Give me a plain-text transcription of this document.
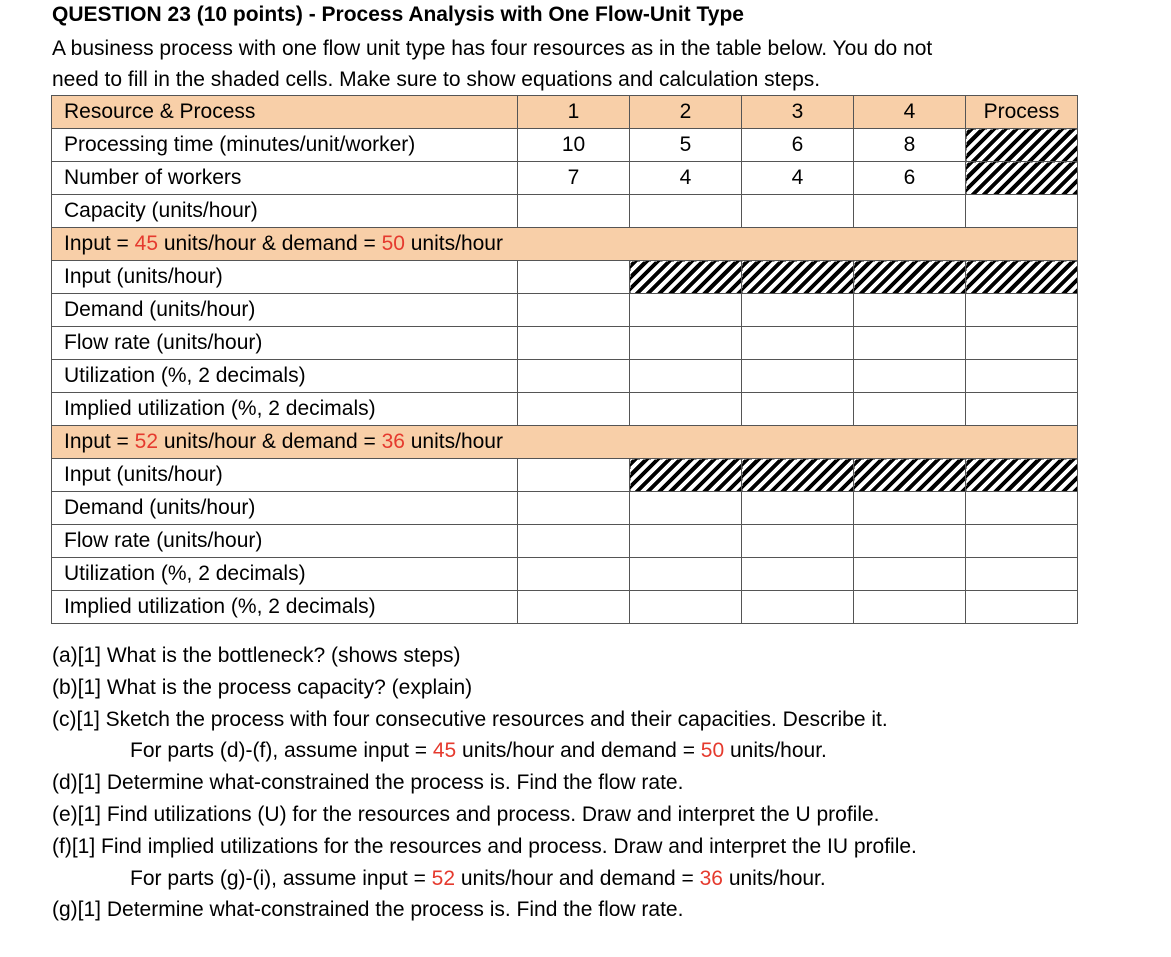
QUESTION 23 (10 points) - Process Analysis with One Flow-Unit Type
A business process with one flow unit type has four resources as in the table below. You do not
need to fill in the shaded cells. Make sure to show equations and calculation steps.
Resource & Process	1	2	3	4	Process
Processing time (minutes/unit/worker)	10	5	6	8	
Number of workers	7	4	4	6	
Capacity (units/hour)					
Input = 45 units/hour & demand = 50 units/hour					
Input (units/hour)					
Demand (units/hour)					
Flow rate (units/hour)					
Utilization (%, 2 decimals)					
Implied utilization (%, 2 decimals)					
Input = 52 units/hour & demand = 36 units/hour					
Input (units/hour)					
Demand (units/hour)					
Flow rate (units/hour)					
Utilization (%, 2 decimals)					
Implied utilization (%, 2 decimals)					
(a)[1] What is the bottleneck? (shows steps)
(b)[1] What is the process capacity? (explain)
(c)[1] Sketch the process with four consecutive resources and their capacities. Describe it.
For parts (d)-(f), assume input = 45 units/hour and demand = 50 units/hour.
(d)[1] Determine what-constrained the process is. Find the flow rate.
(e)[1] Find utilizations (U) for the resources and process. Draw and interpret the U profile.
(f)[1] Find implied utilizations for the resources and process. Draw and interpret the IU profile.
For parts (g)-(i), assume input = 52 units/hour and demand = 36 units/hour.
(g)[1] Determine what-constrained the process is. Find the flow rate.
